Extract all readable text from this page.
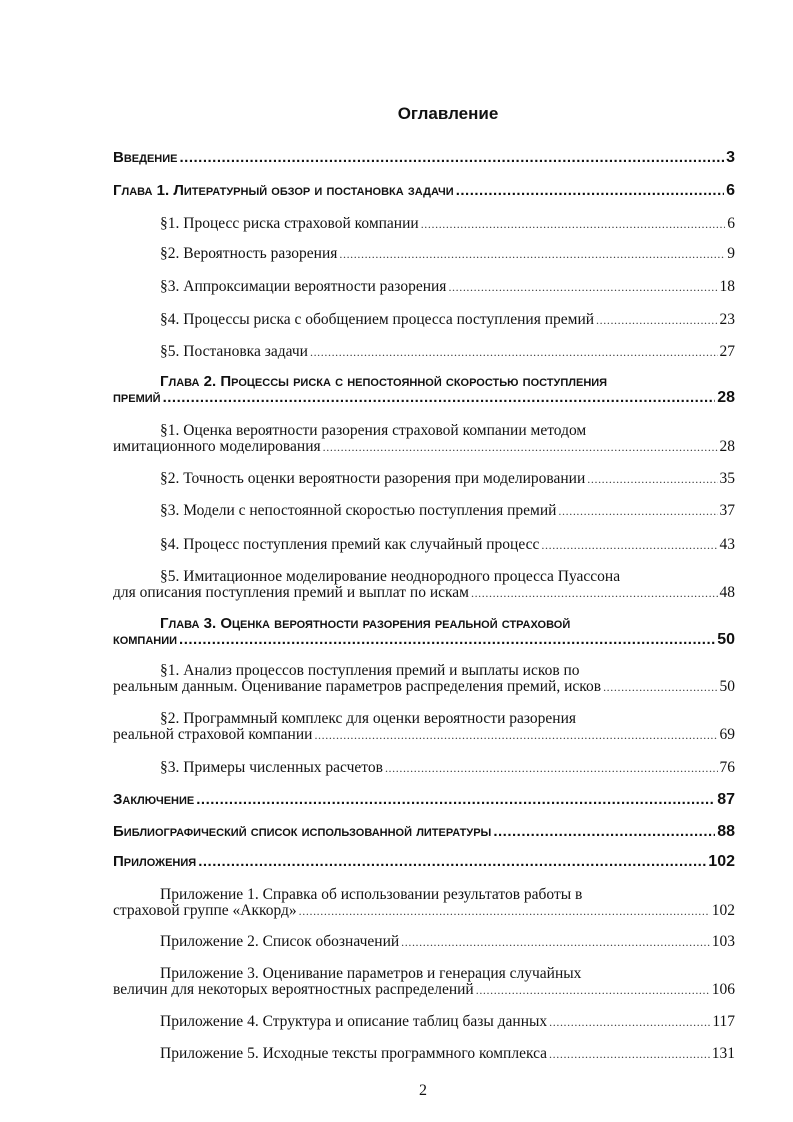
Оглавление
Введение .....	3
Глава 1. Литературный обзор и постановка задачи .....	6
§1. Процесс риска страховой компании .....	6
§2. Вероятность разорения .....	9
§3. Аппроксимации вероятности разорения .....	18
§4. Процессы риска с обобщением процесса поступления премий .....	23
§5. Постановка задачи .....	27
Глава 2. Процессы риска с непостоянной скоростью поступления
премий .....	28
§1. Оценка вероятности разорения страховой компании методом
имитационного моделирования .....	28
§2. Точность оценки вероятности разорения при моделировании .....	35
§3. Модели с непостоянной скоростью поступления премий .....	37
§4. Процесс поступления премий как случайный процесс .....	43
§5. Имитационное моделирование неоднородного процесса Пуассона
для описания поступления премий и выплат по искам .....	48
Глава 3. Оценка вероятности разорения реальной страховой
компании .....	50
§1. Анализ процессов поступления премий и выплаты исков по
реальным данным. Оценивание параметров распределения премий, исков .....	50
§2. Программный комплекс для оценки вероятности разорения
реальной страховой компании .....	69
§3. Примеры численных расчетов .....	76
Заключение .....	87
Библиографический список использованной литературы .....	88
Приложения .....	102
Приложение 1. Справка об использовании результатов работы в
страховой группе «Аккорд» .....	102
Приложение 2. Список обозначений .....	103
Приложение 3. Оценивание параметров и генерация случайных
величин для некоторых вероятностных распределений .....	106
Приложение 4. Структура и описание таблиц базы данных .....	117
Приложение 5. Исходные тексты программного комплекса .....	131
2
